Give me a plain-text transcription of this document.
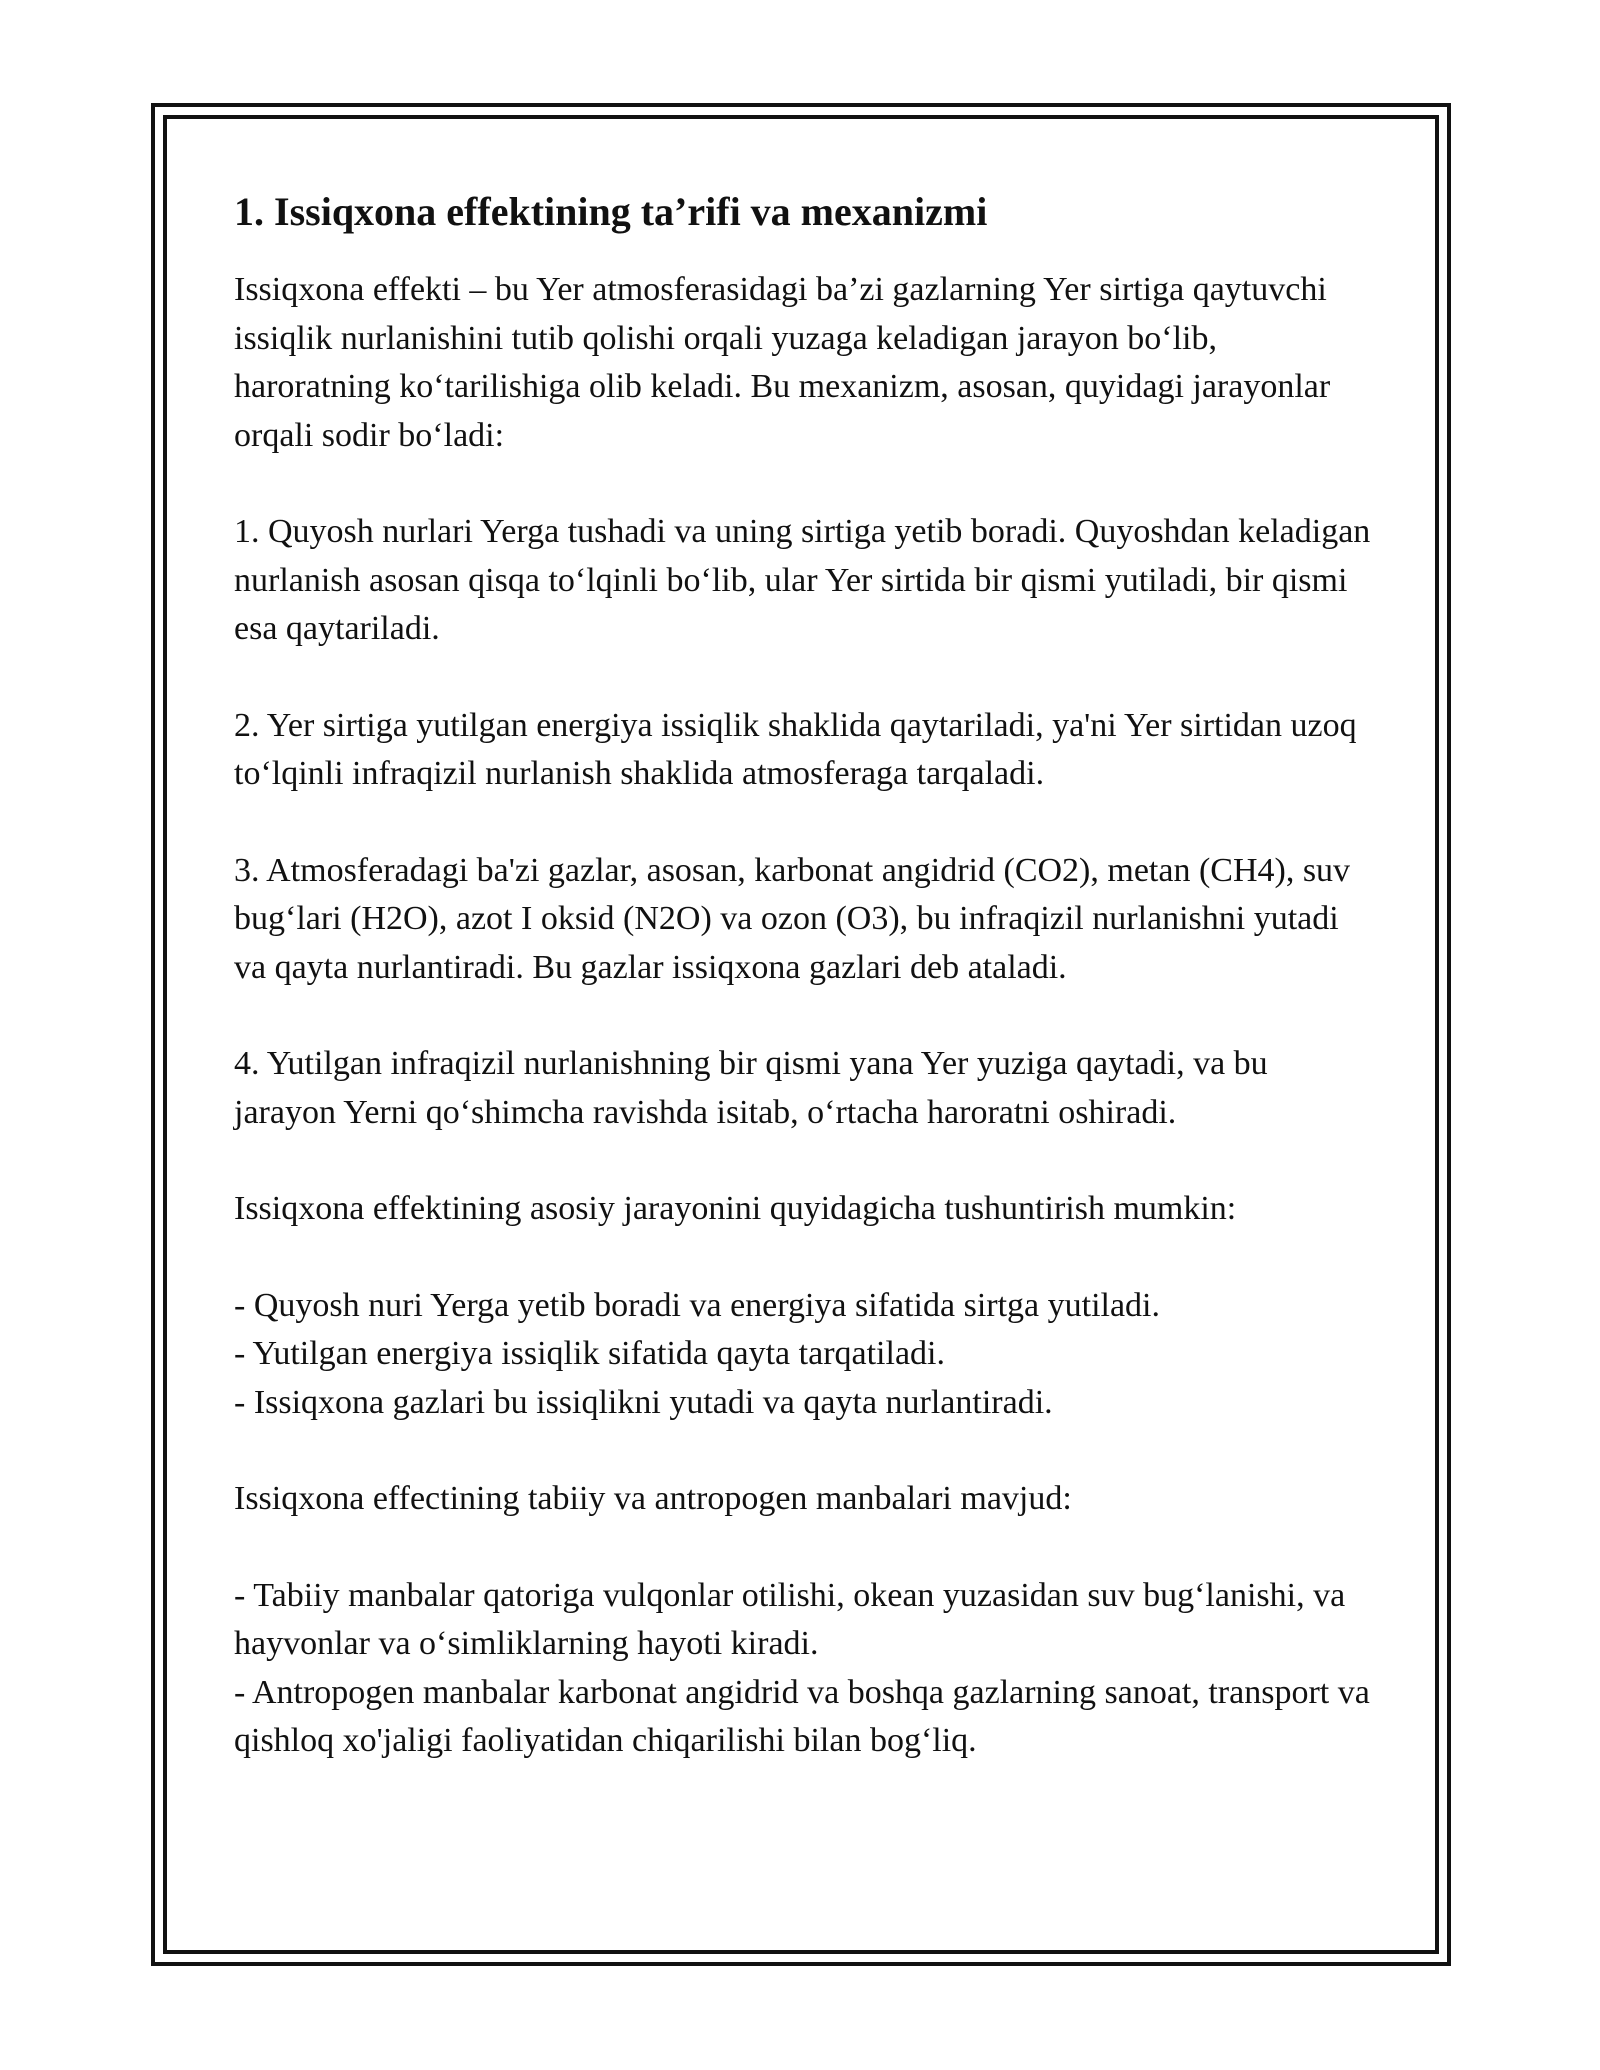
1. Issiqxona effektining ta’rifi va mexanizmi

Issiqxona effekti – bu Yer atmosferasidagi ba’zi gazlarning Yer sirtiga qaytuvchi issiqlik nurlanishini tutib qolishi orqali yuzaga keladigan jarayon bo‘lib, haroratning ko‘tarilishiga olib keladi. Bu mexanizm, asosan, quyidagi jarayonlar orqali sodir bo‘ladi:

1. Quyosh nurlari Yerga tushadi va uning sirtiga yetib boradi. Quyoshdan keladigan nurlanish asosan qisqa to‘lqinli bo‘lib, ular Yer sirtida bir qismi yutiladi, bir qismi esa qaytariladi.

2. Yer sirtiga yutilgan energiya issiqlik shaklida qaytariladi, ya'ni Yer sirtidan uzoq to‘lqinli infraqizil nurlanish shaklida atmosferaga tarqaladi.

3. Atmosferadagi ba'zi gazlar, asosan, karbonat angidrid (CO2), metan (CH4), suv bug‘lari (H2O), azot I oksid (N2O) va ozon (O3), bu infraqizil nurlanishni yutadi va qayta nurlantiradi. Bu gazlar issiqxona gazlari deb ataladi.

4. Yutilgan infraqizil nurlanishning bir qismi yana Yer yuziga qaytadi, va bu jarayon Yerni qo‘shimcha ravishda isitab, o‘rtacha haroratni oshiradi.

Issiqxona effektining asosiy jarayonini quyidagicha tushuntirish mumkin:

- Quyosh nuri Yerga yetib boradi va energiya sifatida sirtga yutiladi.

- Yutilgan energiya issiqlik sifatida qayta tarqatiladi.

- Issiqxona gazlari bu issiqlikni yutadi va qayta nurlantiradi.

Issiqxona effectining tabiiy va antropogen manbalari mavjud:

- Tabiiy manbalar qatoriga vulqonlar otilishi, okean yuzasidan suv bug‘lanishi, va hayvonlar va o‘simliklarning hayoti kiradi.

- Antropogen manbalar karbonat angidrid va boshqa gazlarning sanoat, transport va qishloq xo'jaligi faoliyatidan chiqarilishi bilan bog‘liq.
